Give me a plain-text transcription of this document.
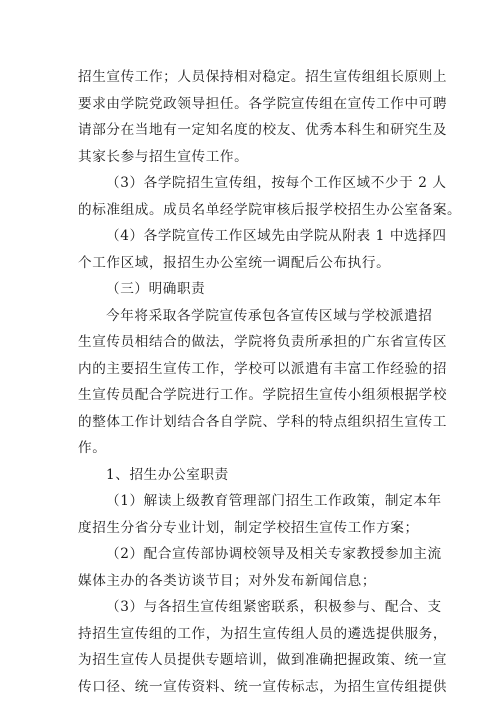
招生宣传工作；人员保持相对稳定。招生宣传组组长原则上
要求由学院党政领导担任。各学院宣传组在宣传工作中可聘
请部分在当地有一定知名度的校友、优秀本科生和研究生及
其家长参与招生宣传工作。
（3）各学院招生宣传组，按每个工作区域不少于 2 人
的标准组成。成员名单经学院审核后报学校招生办公室备案。
（4）各学院宣传工作区域先由学院从附表 1 中选择四
个工作区域，报招生办公室统一调配后公布执行。
（三）明确职责
今年将采取各学院宣传承包各宣传区域与学校派遣招
生宣传员相结合的做法，学院将负责所承担的广东省宣传区
内的主要招生宣传工作，学校可以派遣有丰富工作经验的招
生宣传员配合学院进行工作。学院招生宣传小组须根据学校
的整体工作计划结合各自学院、学科的特点组织招生宣传工
作。
1、招生办公室职责
（1）解读上级教育管理部门招生工作政策，制定本年
度招生分省分专业计划，制定学校招生宣传工作方案；
（2）配合宣传部协调校领导及相关专家教授参加主流
媒体主办的各类访谈节目；对外发布新闻信息；
（3）与各招生宣传组紧密联系，积极参与、配合、支
持招生宣传组的工作，为招生宣传组人员的遴选提供服务，
为招生宣传人员提供专题培训，做到准确把握政策、统一宣
传口径、统一宣传资料、统一宣传标志，为招生宣传组提供
